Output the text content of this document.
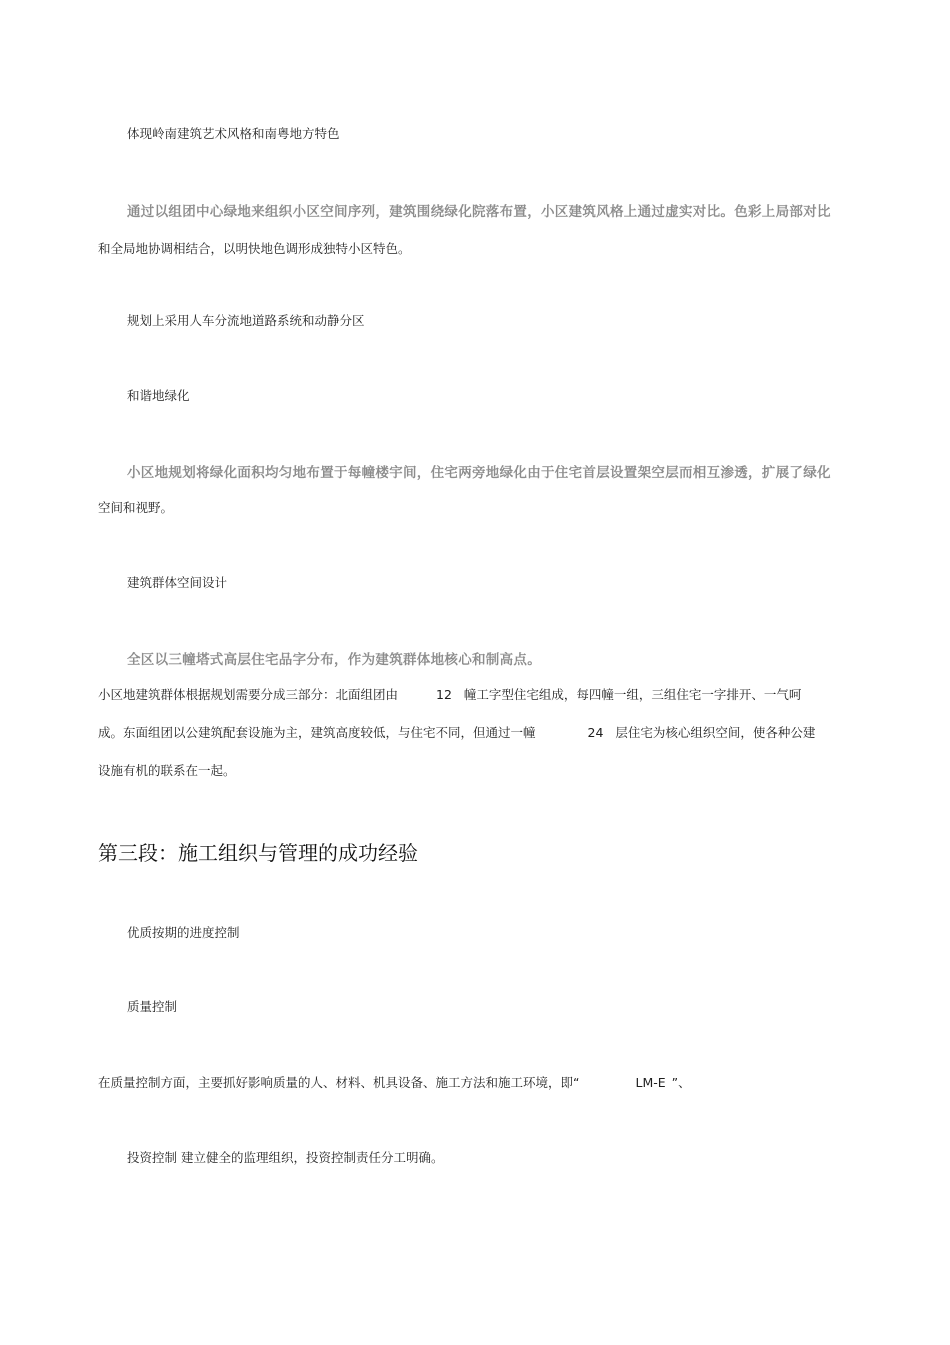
体现岭南建筑艺术风格和南粤地方特色
通过以组团中心绿地来组织小区空间序列，建筑围绕绿化院落布置，小区建筑风格上通过虚实对比。色彩上局部对比
和全局地协调相结合，以明快地色调形成独特小区特色。
规划上采用人车分流地道路系统和动静分区
和谐地绿化
小区地规划将绿化面积均匀地布置于每幢楼宇间，住宅两旁地绿化由于住宅首层设置架空层而相互渗透，扩展了绿化
空间和视野。
建筑群体空间设计
全区以三幢塔式高层住宅品字分布，作为建筑群体地核心和制高点。
小区地建筑群体根据规划需要分成三部分：北面组团由	12 幢工字型住宅组成，每四幢一组，三组住宅一字排开、一气呵
成。东面组团以公建筑配套设施为主，建筑高度较低，与住宅不同，但通过一幢	24 层住宅为核心组织空间，使各种公建
设施有机的联系在一起。
第三段：施工组织与管理的成功经验
优质按期的进度控制
质量控制
在质量控制方面，主要抓好影响质量的人、材料、机具设备、施工方法和施工环境，即“	LM-E ”、
投资控制 建立健全的监理组织，投资控制责任分工明确。
